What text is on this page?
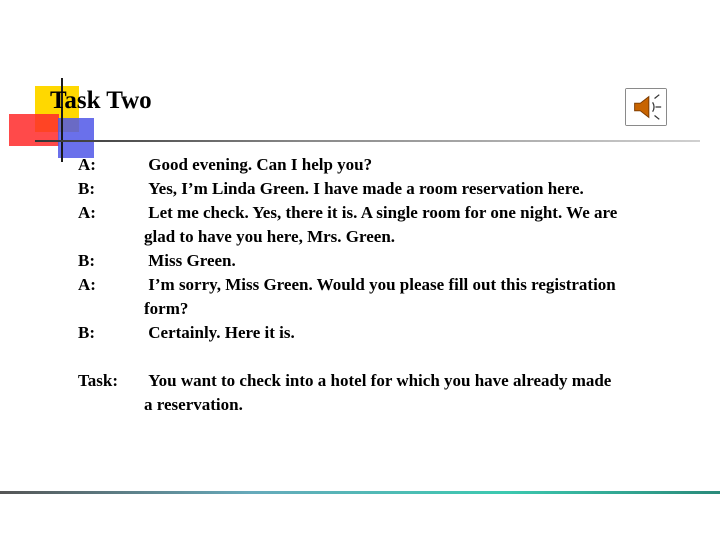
Task Two
A:	Good evening. Can I help you?
B:	Yes, I’m Linda Green. I have made a room reservation here.
A:	Let me check. Yes, there it is. A single room for one night. We are glad to have you here, Mrs. Green.
B:	Miss Green.
A:	I’m sorry, Miss Green. Would you please fill out this registration form?
B:	Certainly. Here it is.
Task:	You want to check into a hotel for which you have already made a reservation.
